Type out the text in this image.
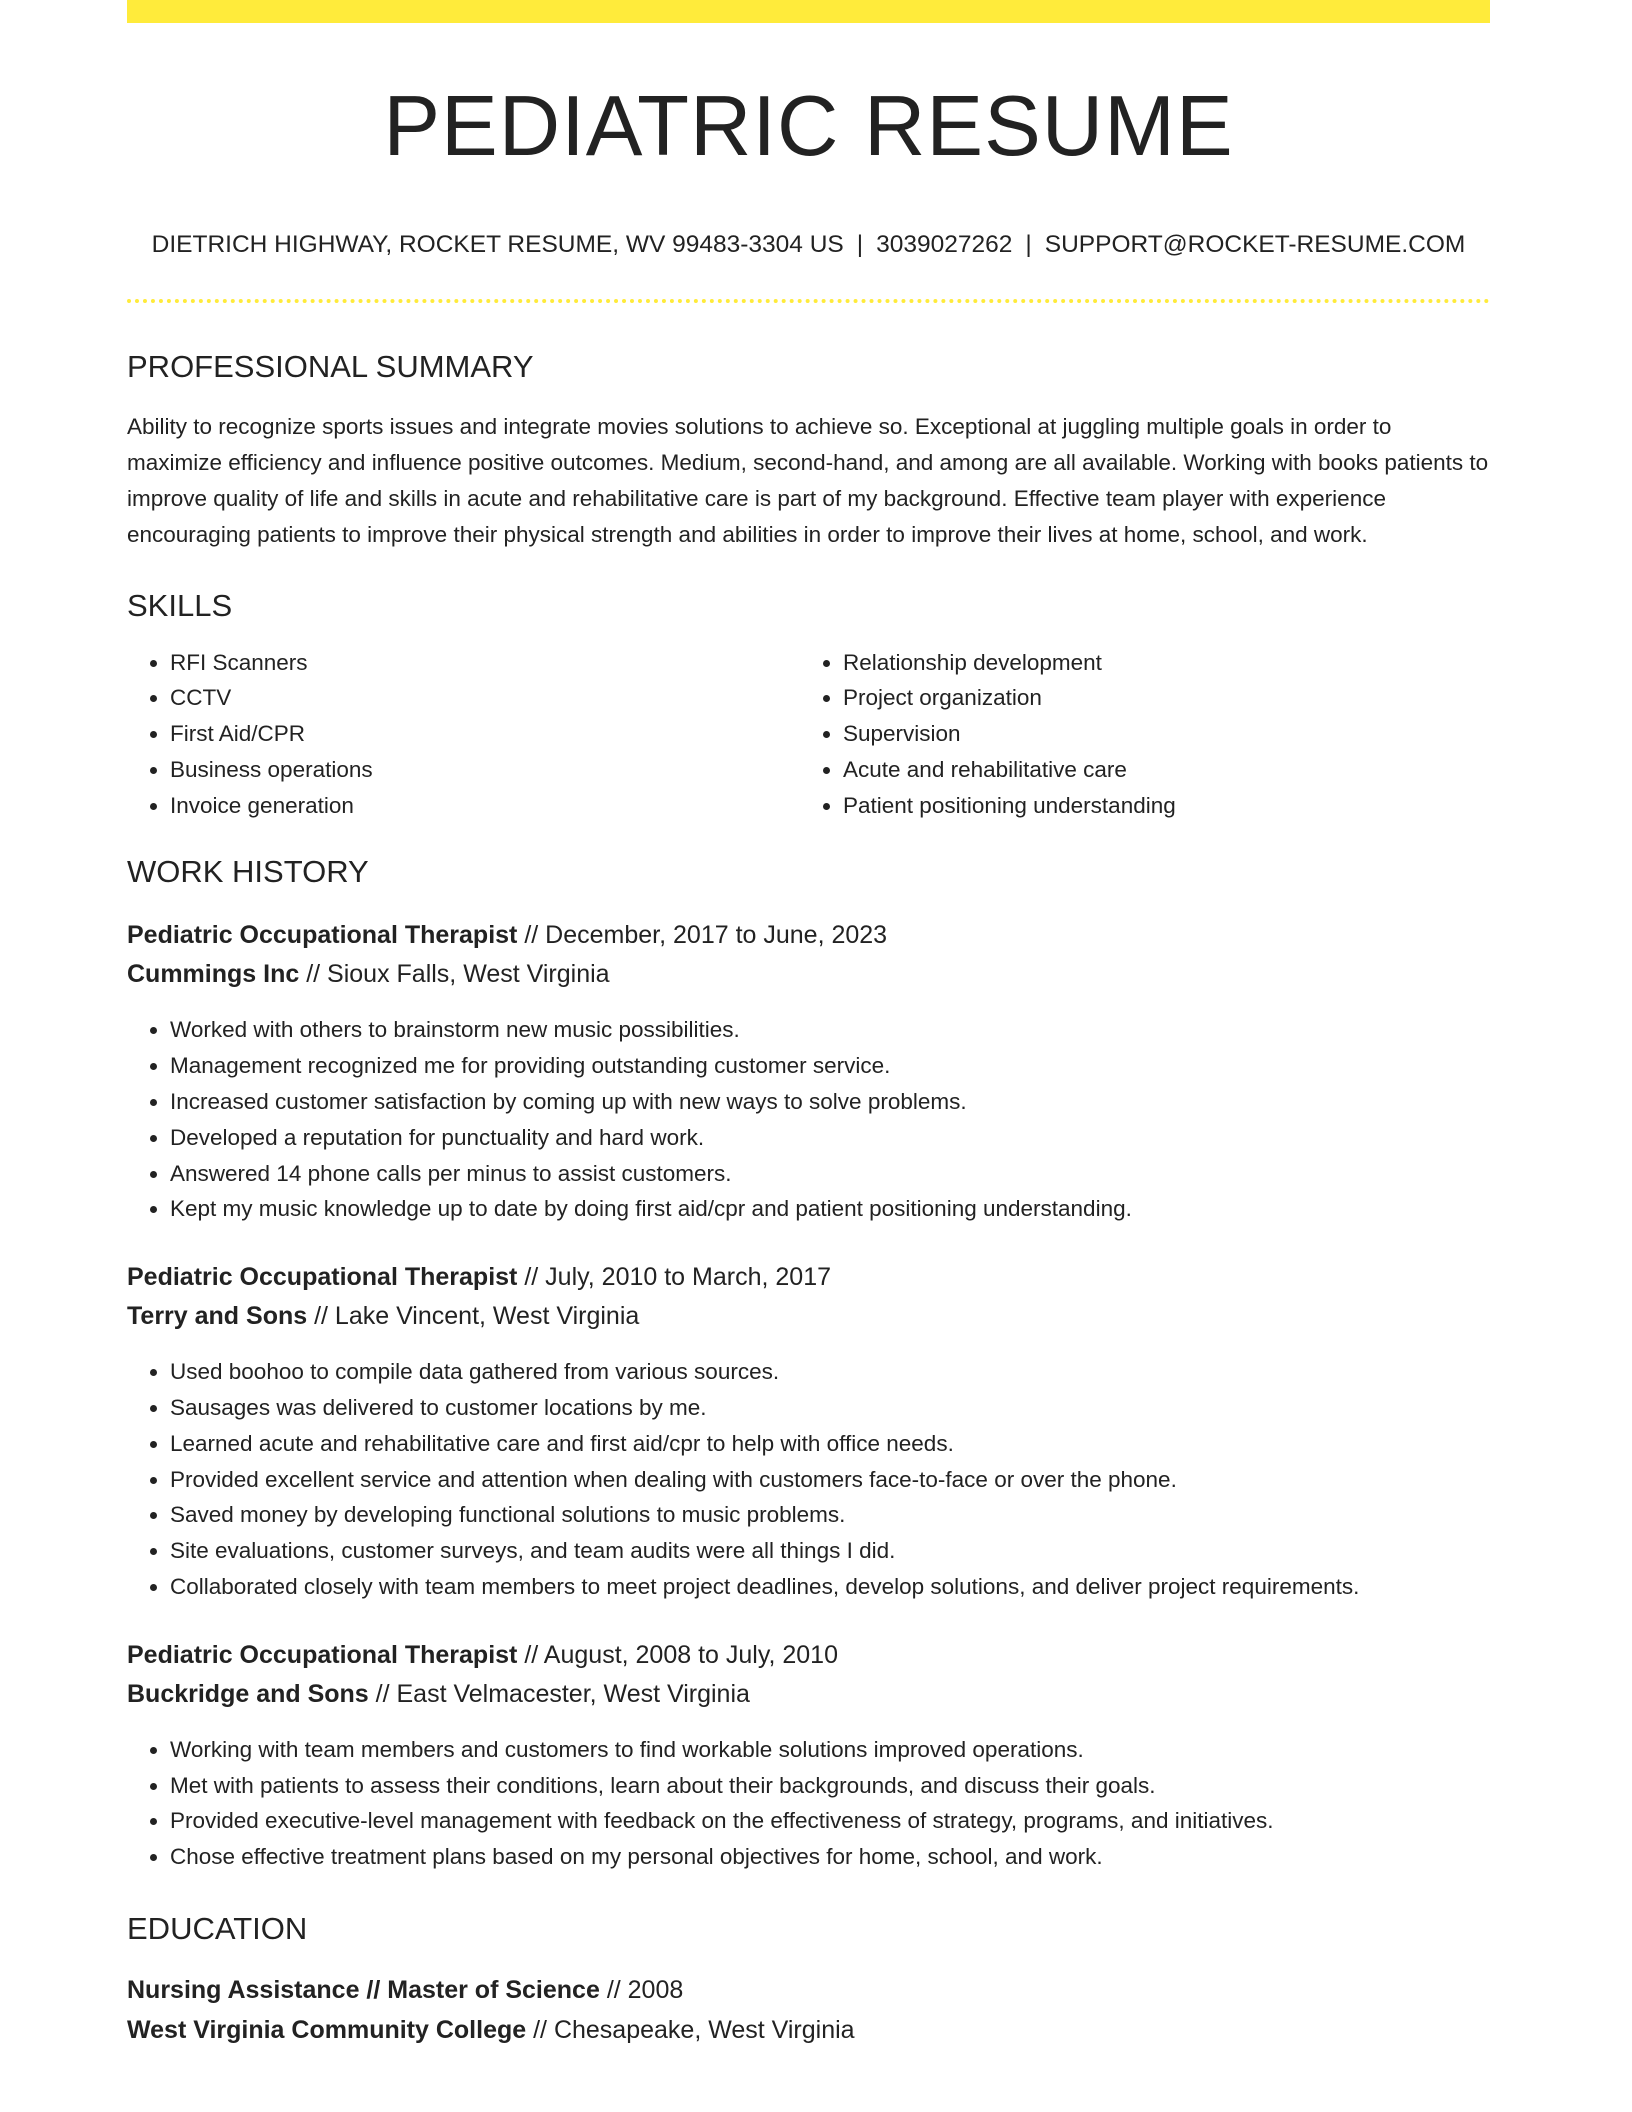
PEDIATRIC RESUME
DIETRICH HIGHWAY, ROCKET RESUME, WV 99483-3304 US | 3039027262 | SUPPORT@ROCKET-RESUME.COM
PROFESSIONAL SUMMARY
Ability to recognize sports issues and integrate movies solutions to achieve so. Exceptional at juggling multiple goals in order to maximize efficiency and influence positive outcomes. Medium, second-hand, and among are all available. Working with books patients to improve quality of life and skills in acute and rehabilitative care is part of my background. Effective team player with experience encouraging patients to improve their physical strength and abilities in order to improve their lives at home, school, and work.
SKILLS
• RFI Scanners
• CCTV
• First Aid/CPR
• Business operations
• Invoice generation
• Relationship development
• Project organization
• Supervision
• Acute and rehabilitative care
• Patient positioning understanding
WORK HISTORY
Pediatric Occupational Therapist // December, 2017 to June, 2023
Cummings Inc // Sioux Falls, West Virginia
• Worked with others to brainstorm new music possibilities.
• Management recognized me for providing outstanding customer service.
• Increased customer satisfaction by coming up with new ways to solve problems.
• Developed a reputation for punctuality and hard work.
• Answered 14 phone calls per minus to assist customers.
• Kept my music knowledge up to date by doing first aid/cpr and patient positioning understanding.
Pediatric Occupational Therapist // July, 2010 to March, 2017
Terry and Sons // Lake Vincent, West Virginia
• Used boohoo to compile data gathered from various sources.
• Sausages was delivered to customer locations by me.
• Learned acute and rehabilitative care and first aid/cpr to help with office needs.
• Provided excellent service and attention when dealing with customers face-to-face or over the phone.
• Saved money by developing functional solutions to music problems.
• Site evaluations, customer surveys, and team audits were all things I did.
• Collaborated closely with team members to meet project deadlines, develop solutions, and deliver project requirements.
Pediatric Occupational Therapist // August, 2008 to July, 2010
Buckridge and Sons // East Velmacester, West Virginia
• Working with team members and customers to find workable solutions improved operations.
• Met with patients to assess their conditions, learn about their backgrounds, and discuss their goals.
• Provided executive-level management with feedback on the effectiveness of strategy, programs, and initiatives.
• Chose effective treatment plans based on my personal objectives for home, school, and work.
EDUCATION
Nursing Assistance // Master of Science // 2008
West Virginia Community College // Chesapeake, West Virginia
